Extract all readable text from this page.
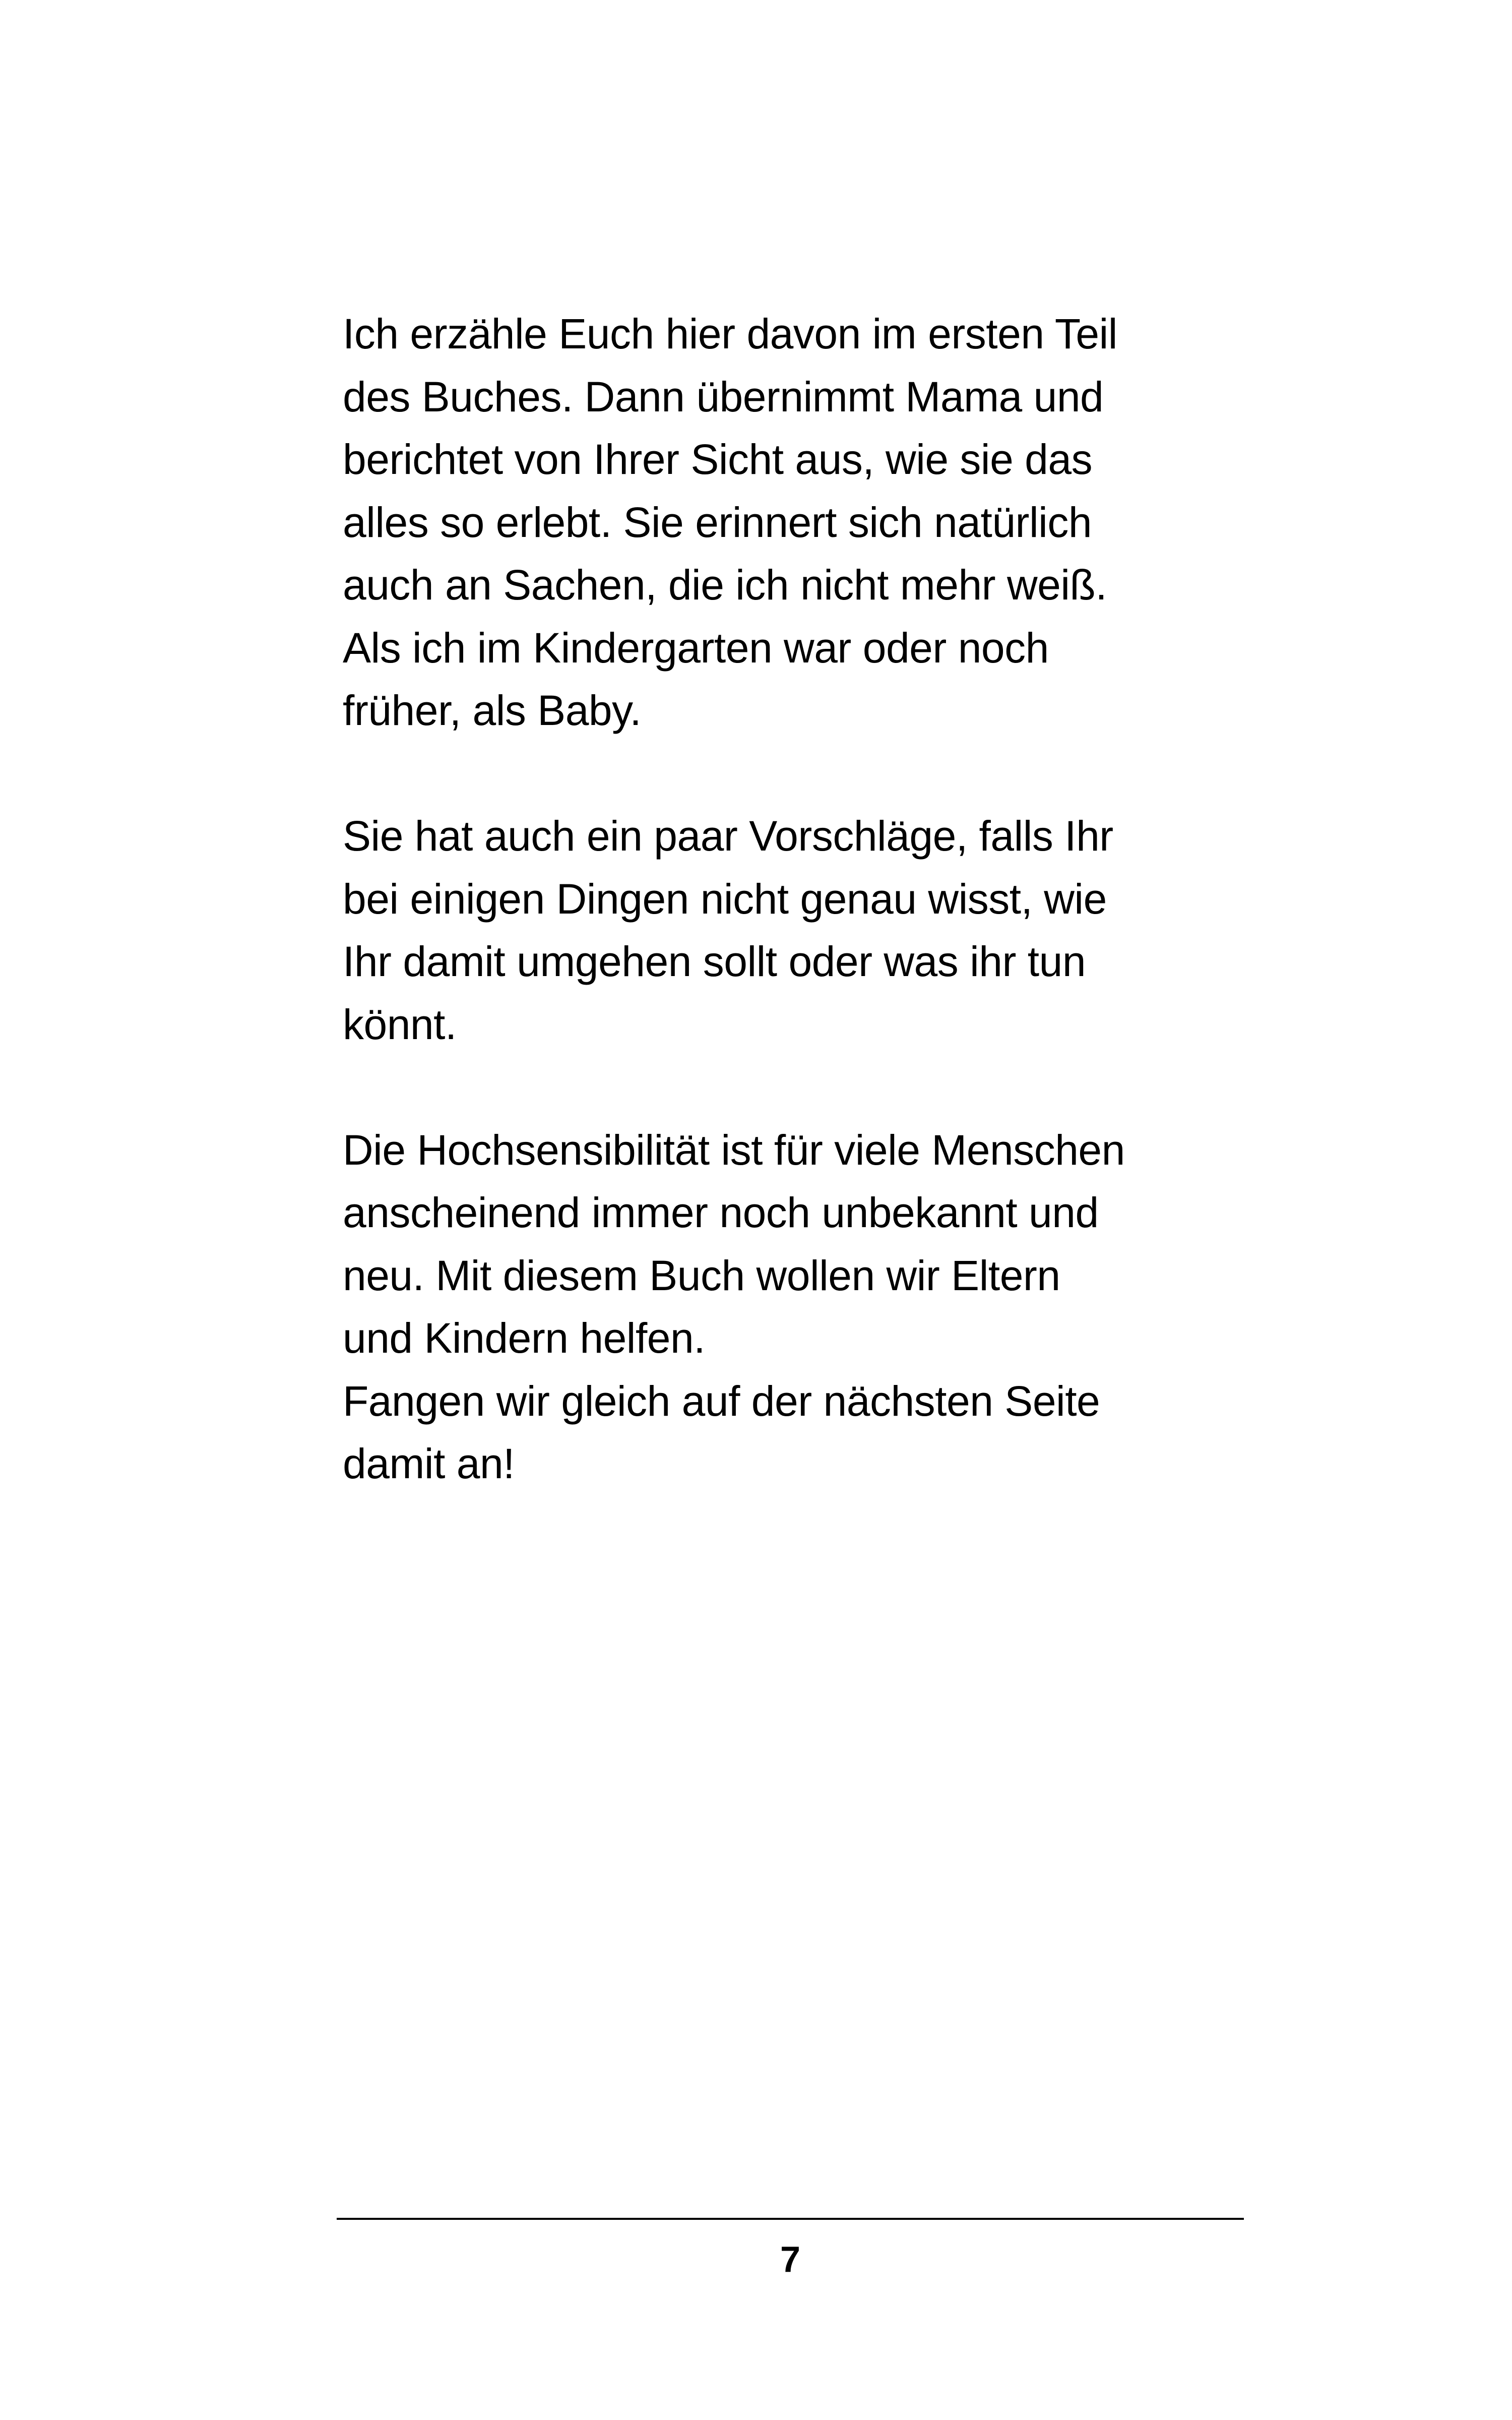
Ich erzähle Euch hier davon im ersten Teil
des Buches. Dann übernimmt Mama und
berichtet von Ihrer Sicht aus, wie sie das
alles so erlebt. Sie erinnert sich natürlich
auch an Sachen, die ich nicht mehr weiß.
Als ich im Kindergarten war oder noch
früher, als Baby.
Sie hat auch ein paar Vorschläge, falls Ihr
bei einigen Dingen nicht genau wisst, wie
Ihr damit umgehen sollt oder was ihr tun
könnt.
Die Hochsensibilität ist für viele Menschen
anscheinend immer noch unbekannt und
neu. Mit diesem Buch wollen wir Eltern
und Kindern helfen.
Fangen wir gleich auf der nächsten Seite
damit an!
7
